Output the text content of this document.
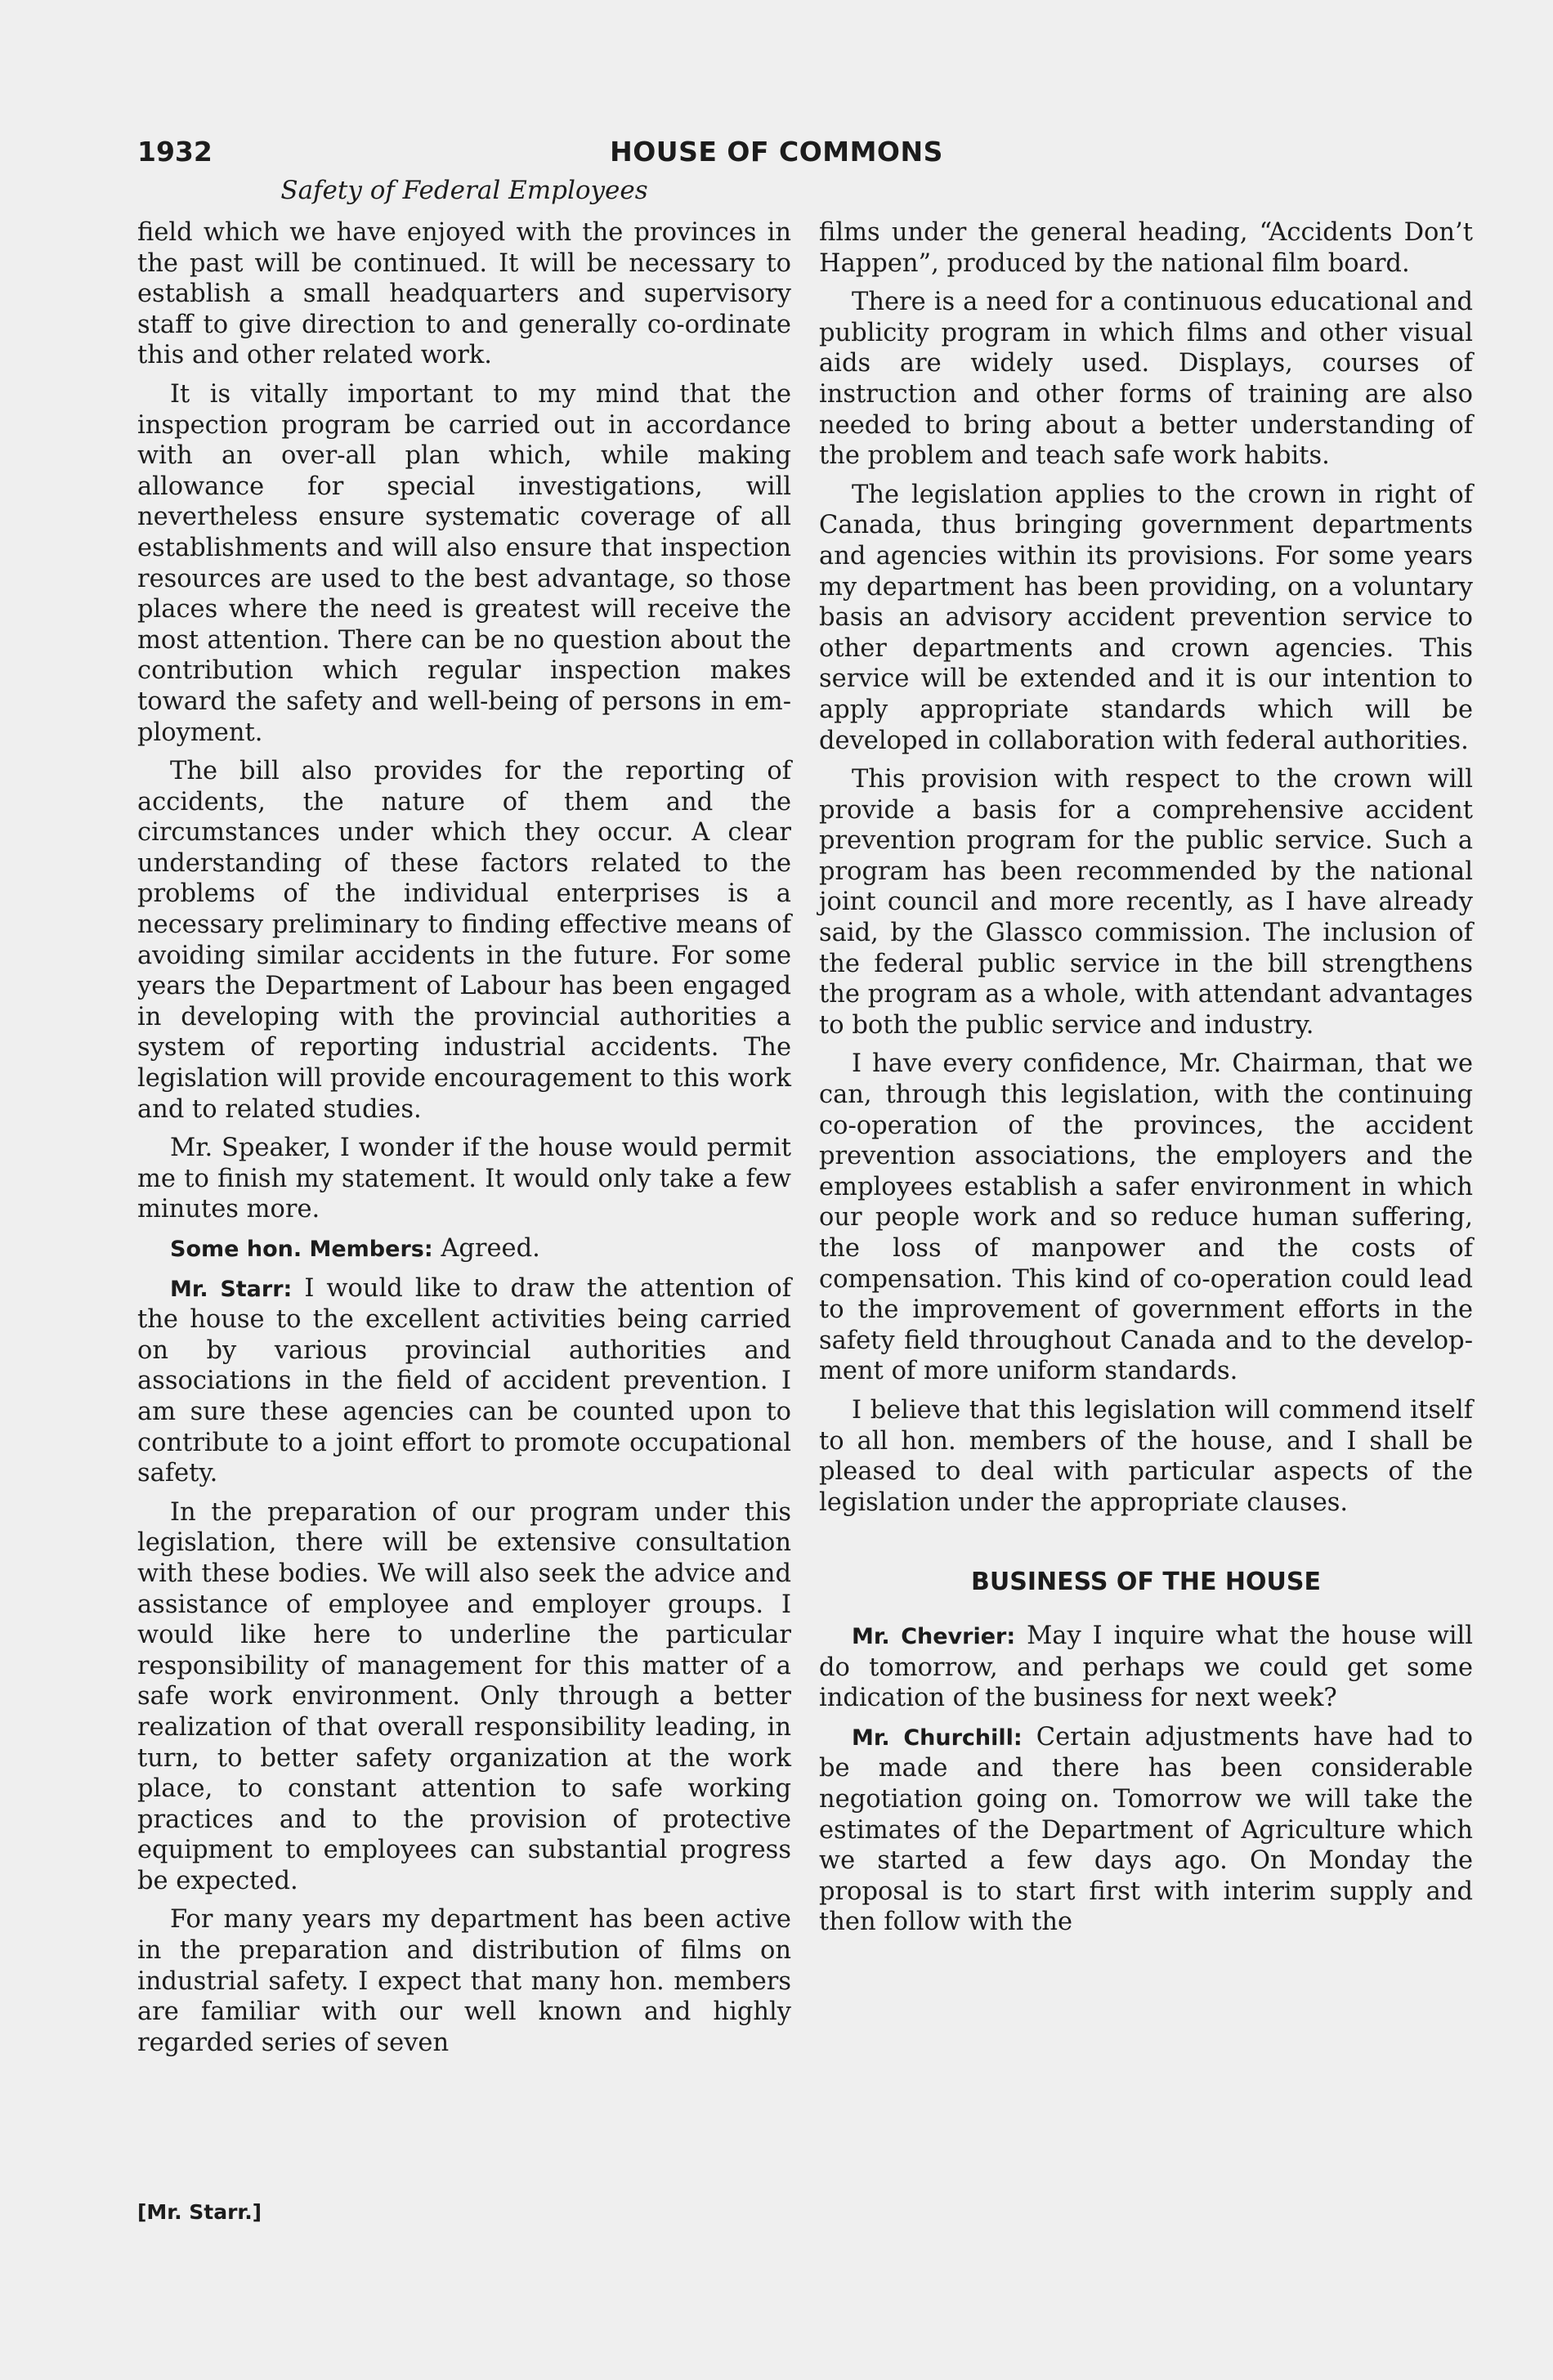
1932	HOUSE OF COMMONS
Safety of Federal Employees

field which we have enjoyed with the provinces in the past will be continued. It will be necessary to establish a small headquarters and supervisory staff to give direction to and generally co-ordinate this and other related work.

It is vitally important to my mind that the inspection program be carried out in accordance with an over-all plan which, while making allowance for special investigations, will nevertheless ensure systematic coverage of all establishments and will also ensure that inspection resources are used to the best advantage, so those places where the need is greatest will receive the most attention. There can be no question about the contribution which regular inspection makes toward the safety and well-being of persons in employment.

The bill also provides for the reporting of accidents, the nature of them and the circumstances under which they occur. A clear understanding of these factors related to the problems of the individual enterprises is a necessary preliminary to finding effective means of avoiding similar accidents in the future. For some years the Department of Labour has been engaged in developing with the provincial authorities a system of reporting industrial accidents. The legislation will provide encouragement to this work and to related studies.

Mr. Speaker, I wonder if the house would permit me to finish my statement. It would only take a few minutes more.

Some hon. Members: Agreed.

Mr. Starr: I would like to draw the attention of the house to the excellent activities being carried on by various provincial authorities and associations in the field of accident prevention. I am sure these agencies can be counted upon to contribute to a joint effort to promote occupational safety.

In the preparation of our program under this legislation, there will be extensive consultation with these bodies. We will also seek the advice and assistance of employee and employer groups. I would like here to underline the particular responsibility of management for this matter of a safe work environment. Only through a better realization of that overall responsibility leading, in turn, to better safety organization at the work place, to constant attention to safe working practices and to the provision of protective equipment to employees can substantial progress be expected.

For many years my department has been active in the preparation and distribution of films on industrial safety. I expect that many hon. members are familiar with our well known and highly regarded series of seven

films under the general heading, “Accidents Don’t Happen”, produced by the national film board.

There is a need for a continuous educational and publicity program in which films and other visual aids are widely used. Displays, courses of instruction and other forms of training are also needed to bring about a better understanding of the problem and teach safe work habits.

The legislation applies to the crown in right of Canada, thus bringing government departments and agencies within its provisions. For some years my department has been providing, on a voluntary basis an advisory accident prevention service to other departments and crown agencies. This service will be extended and it is our intention to apply appropriate standards which will be developed in collaboration with federal authorities.

This provision with respect to the crown will provide a basis for a comprehensive accident prevention program for the public service. Such a program has been recommended by the national joint council and more recently, as I have already said, by the Glassco commission. The inclusion of the federal public service in the bill strengthens the program as a whole, with attendant advantages to both the public service and industry.

I have every confidence, Mr. Chairman, that we can, through this legislation, with the continuing co-operation of the provinces, the accident prevention associations, the employers and the employees establish a safer environment in which our people work and so reduce human suffering, the loss of manpower and the costs of compensation. This kind of co-operation could lead to the improvement of government efforts in the safety field throughout Canada and to the development of more uniform standards.

I believe that this legislation will commend itself to all hon. members of the house, and I shall be pleased to deal with particular aspects of the legislation under the appropriate clauses.

BUSINESS OF THE HOUSE

Mr. Chevrier: May I inquire what the house will do tomorrow, and perhaps we could get some indication of the business for next week?

Mr. Churchill: Certain adjustments have had to be made and there has been considerable negotiation going on. Tomorrow we will take the estimates of the Department of Agriculture which we started a few days ago. On Monday the proposal is to start first with interim supply and then follow with the

[Mr. Starr.]
